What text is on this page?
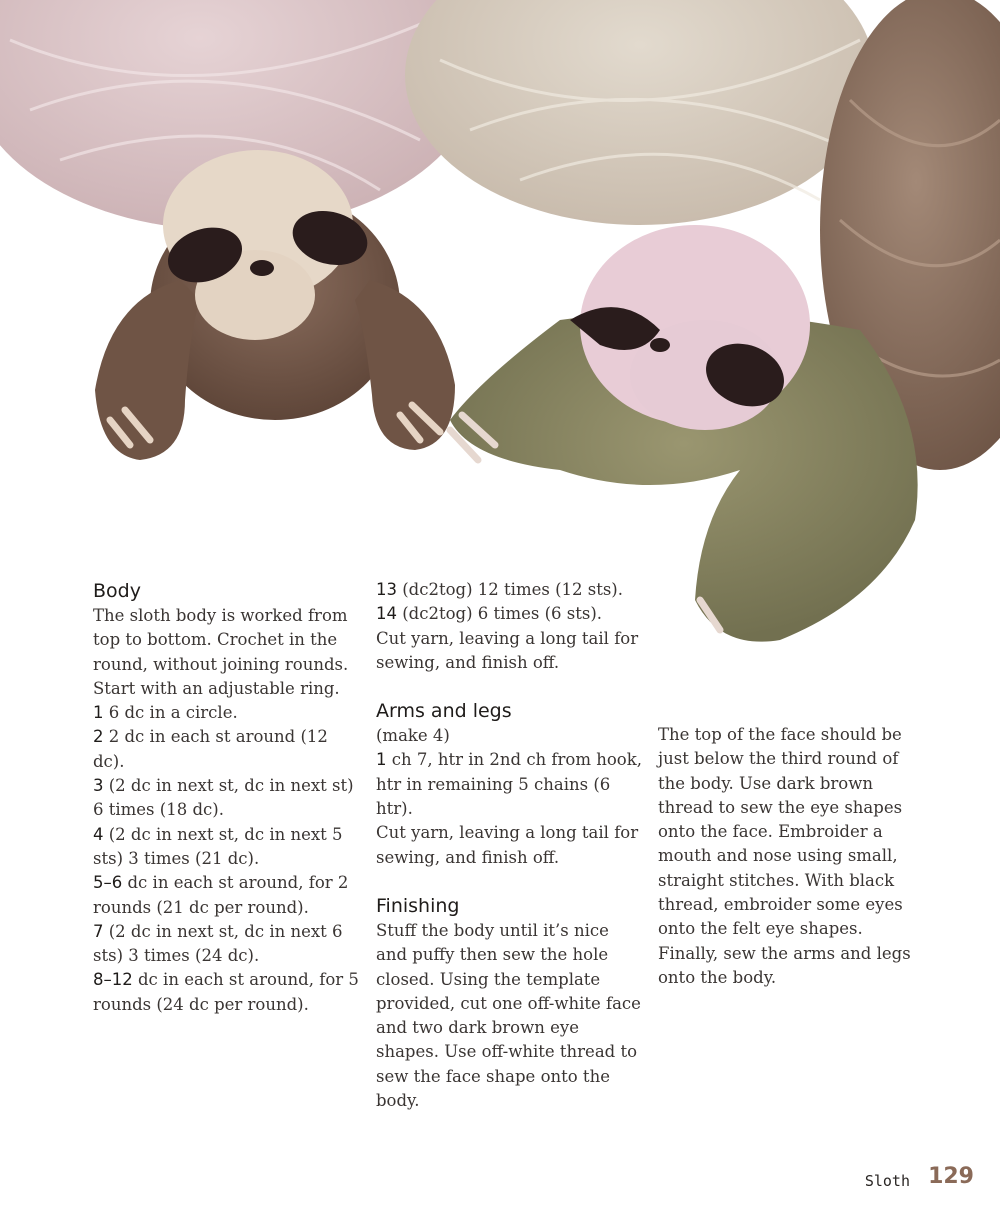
Body

The sloth body is worked from top to bottom. Crochet in the round, without joining rounds. Start with an adjustable ring.

1 6 dc in a circle.

2 2 dc in each st around (12 dc).

3 (2 dc in next st, dc in next st) 6 times (18 dc).

4 (2 dc in next st, dc in next 5 sts) 3 times (21 dc).

5–6 dc in each st around, for 2 rounds (21 dc per round).

7 (2 dc in next st, dc in next 6 sts) 3 times (24 dc).

8–12 dc in each st around, for 5 rounds (24 dc per round).

13 (dc2tog) 12 times (12 sts).

14 (dc2tog) 6 times (6 sts).

Cut yarn, leaving a long tail for sewing, and finish off.

Arms and legs

(make 4)

1 ch 7, htr in 2nd ch from hook, htr in remaining 5 chains (6 htr).

Cut yarn, leaving a long tail for sewing, and finish off.

Finishing

Stuff the body until it’s nice and puffy then sew the hole closed. Using the template provided, cut one off-white face and two dark brown eye shapes. Use off-white thread to sew the face shape onto the body.

The top of the face should be just below the third round of the body. Use dark brown thread to sew the eye shapes onto the face. Embroider a mouth and nose using small, straight stitches. With black thread, embroider some eyes onto the felt eye shapes. Finally, sew the arms and legs onto the body.

Sloth 129
